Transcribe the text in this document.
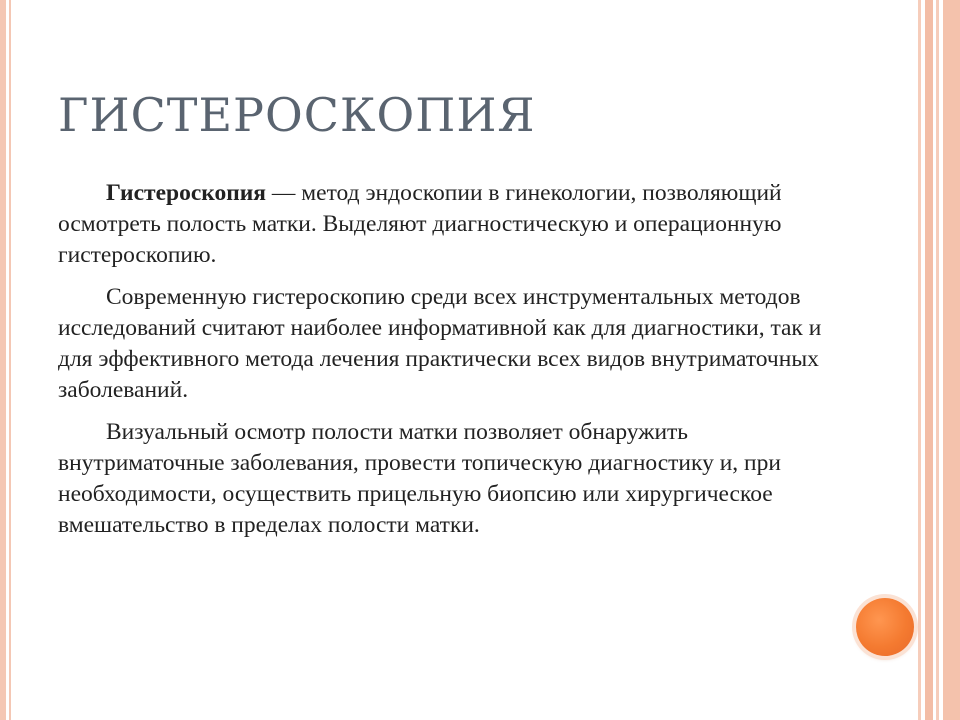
ГИСТЕРОСКОПИЯ

Гистероскопия — метод эндоскопии в гинекологии, позволяющий осмотреть полость матки. Выделяют диагностическую и операционную гистероскопию.

Современную гистероскопию среди всех инструментальных методов исследований считают наиболее информативной как для диагностики, так и для эффективного метода лечения практически всех видов внутриматочных заболеваний.

Визуальный осмотр полости матки позволяет обнаружить внутриматочные заболевания, провести топическую диагностику и, при необходимости, осуществить прицельную биопсию или хирургическое вмешательство в пределах полости матки.
